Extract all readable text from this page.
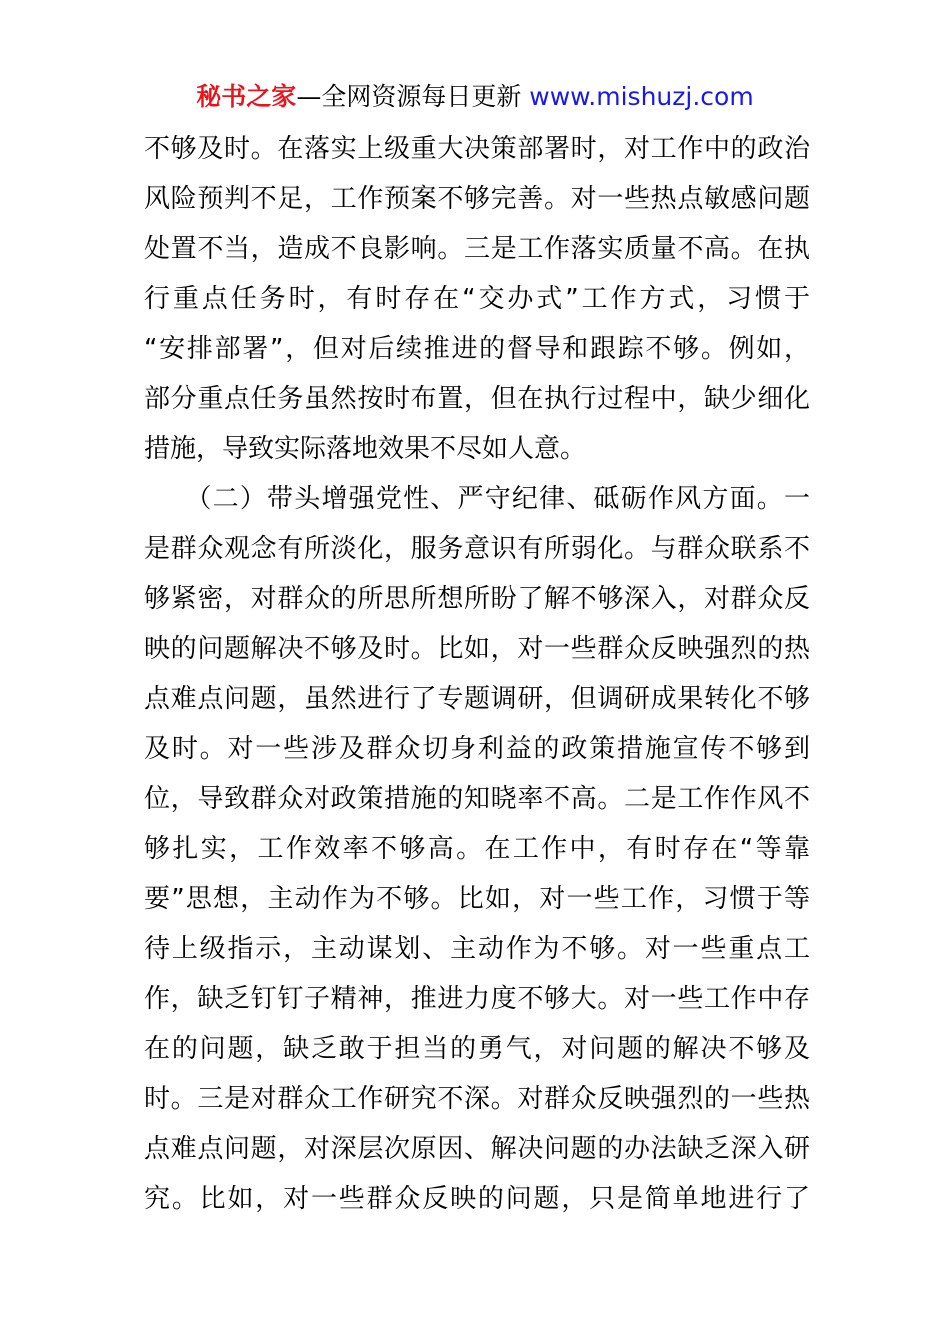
秘书之家—全网资源每日更新 www.mishuzj.com
不够及时。在落实上级重大决策部署时，对工作中的政治
风险预判不足，工作预案不够完善。对一些热点敏感问题
处置不当，造成不良影响。三是工作落实质量不高。在执
行重点任务时，有时存在“交办式”工作方式，习惯于
“安排部署”，但对后续推进的督导和跟踪不够。例如，
部分重点任务虽然按时布置，但在执行过程中，缺少细化
措施，导致实际落地效果不尽如人意。
　　（二）带头增强党性、严守纪律、砥砺作风方面。一
是群众观念有所淡化，服务意识有所弱化。与群众联系不
够紧密，对群众的所思所想所盼了解不够深入，对群众反
映的问题解决不够及时。比如，对一些群众反映强烈的热
点难点问题，虽然进行了专题调研，但调研成果转化不够
及时。对一些涉及群众切身利益的政策措施宣传不够到
位，导致群众对政策措施的知晓率不高。二是工作作风不
够扎实，工作效率不够高。在工作中，有时存在“等靠
要”思想，主动作为不够。比如，对一些工作，习惯于等
待上级指示，主动谋划、主动作为不够。对一些重点工
作，缺乏钉钉子精神，推进力度不够大。对一些工作中存
在的问题，缺乏敢于担当的勇气，对问题的解决不够及
时。三是对群众工作研究不深。对群众反映强烈的一些热
点难点问题，对深层次原因、解决问题的办法缺乏深入研
究。比如，对一些群众反映的问题，只是简单地进行了
